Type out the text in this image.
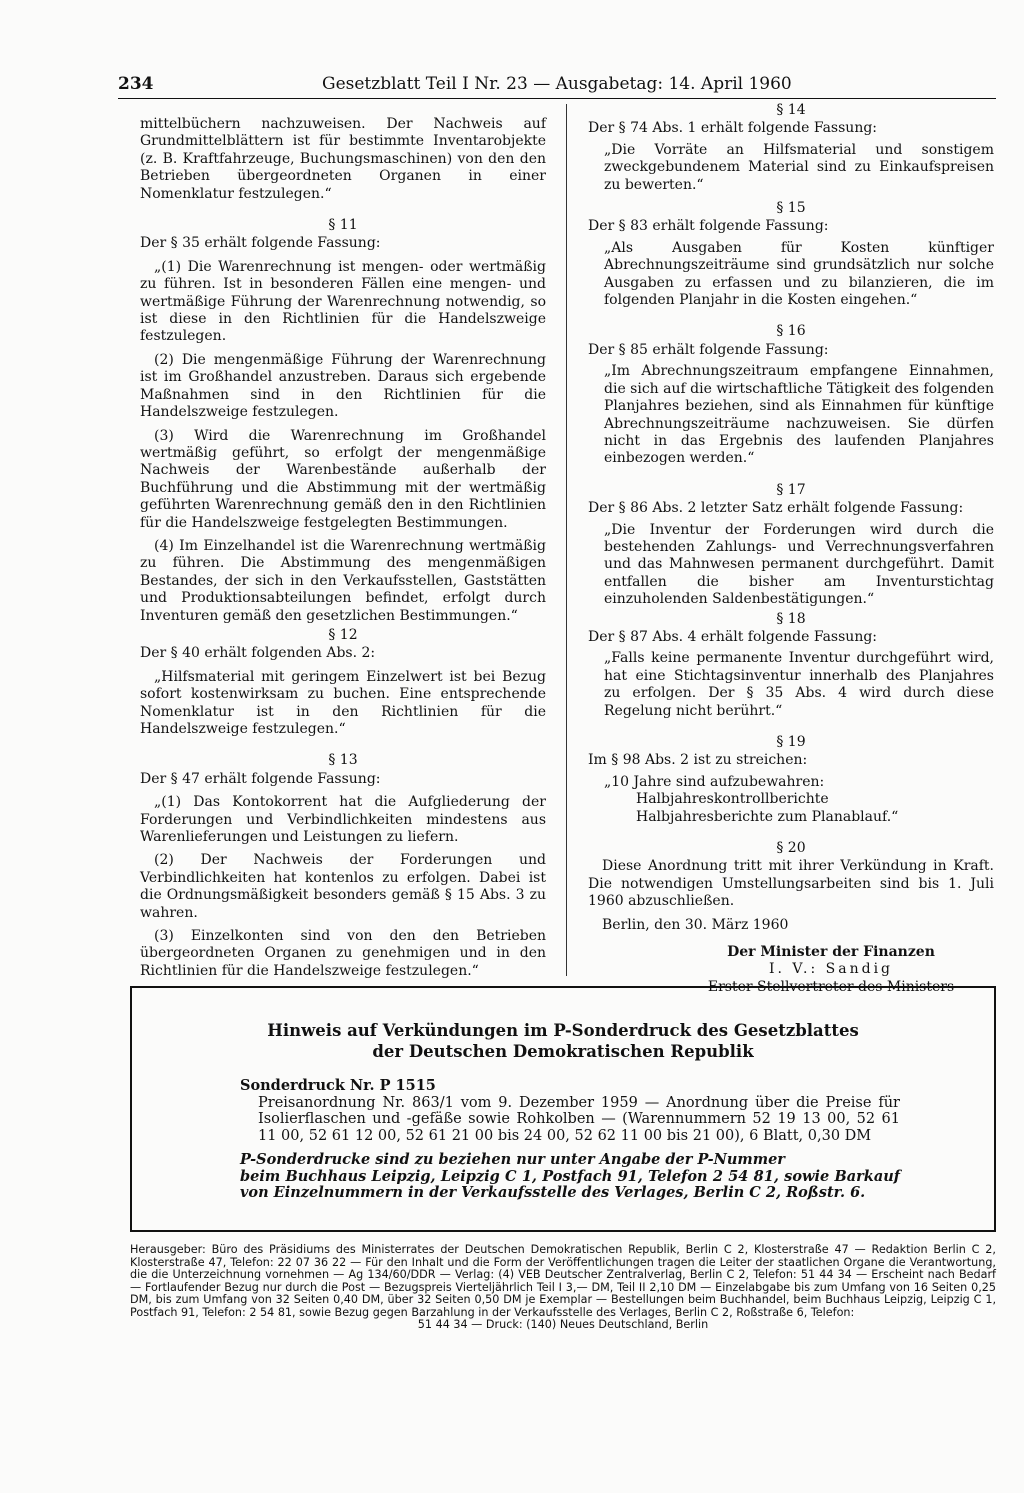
234	Gesetzblatt Teil I Nr. 23 — Ausgabetag: 14. April 1960

mittelbüchern nachzuweisen. Der Nachweis auf Grundmittelblättern ist für bestimmte Inventarobjekte (z. B. Kraftfahrzeuge, Buchungsmaschinen) von den den Betrieben übergeordneten Organen in einer Nomenklatur festzulegen.“

§ 11

Der § 35 erhält folgende Fassung:

„(1) Die Warenrechnung ist mengen- oder wertmäßig zu führen. Ist in besonderen Fällen eine mengen- und wertmäßige Führung der Warenrechnung notwendig, so ist diese in den Richtlinien für die Handelszweige festzulegen.

(2) Die mengenmäßige Führung der Warenrechnung ist im Großhandel anzustreben. Daraus sich ergebende Maßnahmen sind in den Richtlinien für die Handelszweige festzulegen.

(3) Wird die Warenrechnung im Großhandel wertmäßig geführt, so erfolgt der mengenmäßige Nachweis der Warenbestände außerhalb der Buchführung und die Abstimmung mit der wertmäßig geführten Warenrechnung gemäß den in den Richtlinien für die Handelszweige festgelegten Bestimmungen.

(4) Im Einzelhandel ist die Warenrechnung wertmäßig zu führen. Die Abstimmung des mengenmäßigen Bestandes, der sich in den Verkaufsstellen, Gaststätten und Produktionsabteilungen befindet, erfolgt durch Inventuren gemäß den gesetzlichen Bestimmungen.“

§ 12

Der § 40 erhält folgenden Abs. 2:

„Hilfsmaterial mit geringem Einzelwert ist bei Bezug sofort kostenwirksam zu buchen. Eine entsprechende Nomenklatur ist in den Richtlinien für die Handelszweige festzulegen.“

§ 13

Der § 47 erhält folgende Fassung:

„(1) Das Kontokorrent hat die Aufgliederung der Forderungen und Verbindlichkeiten mindestens aus Warenlieferungen und Leistungen zu liefern.

(2) Der Nachweis der Forderungen und Verbindlichkeiten hat kontenlos zu erfolgen. Dabei ist die Ordnungsmäßigkeit besonders gemäß § 15 Abs. 3 zu wahren.

(3) Einzelkonten sind von den den Betrieben übergeordneten Organen zu genehmigen und in den Richtlinien für die Handelszweige festzulegen.“

§ 14

Der § 74 Abs. 1 erhält folgende Fassung:

„Die Vorräte an Hilfsmaterial und sonstigem zweckgebundenem Material sind zu Einkaufspreisen zu bewerten.“

§ 15

Der § 83 erhält folgende Fassung:

„Als Ausgaben für Kosten künftiger Abrechnungszeiträume sind grundsätzlich nur solche Ausgaben zu erfassen und zu bilanzieren, die im folgenden Planjahr in die Kosten eingehen.“

§ 16

Der § 85 erhält folgende Fassung:

„Im Abrechnungszeitraum empfangene Einnahmen, die sich auf die wirtschaftliche Tätigkeit des folgenden Planjahres beziehen, sind als Einnahmen für künftige Abrechnungszeiträume nachzuweisen. Sie dürfen nicht in das Ergebnis des laufenden Planjahres einbezogen werden.“

§ 17

Der § 86 Abs. 2 letzter Satz erhält folgende Fassung:

„Die Inventur der Forderungen wird durch die bestehenden Zahlungs- und Verrechnungsverfahren und das Mahnwesen permanent durchgeführt. Damit entfallen die bisher am Inventurstichtag einzuholenden Saldenbestätigungen.“

§ 18

Der § 87 Abs. 4 erhält folgende Fassung:

„Falls keine permanente Inventur durchgeführt wird, hat eine Stichtagsinventur innerhalb des Planjahres zu erfolgen. Der § 35 Abs. 4 wird durch diese Regelung nicht berührt.“

§ 19

Im § 98 Abs. 2 ist zu streichen:

„10 Jahre sind aufzubewahren:

Halbjahreskontrollberichte

Halbjahresberichte zum Planablauf.“

§ 20

Diese Anordnung tritt mit ihrer Verkündung in Kraft. Die notwendigen Umstellungsarbeiten sind bis 1. Juli 1960 abzuschließen.

Berlin, den 30. März 1960

Der Minister der Finanzen

I. V.: Sandig

Erster Stellvertreter des Ministers

Hinweis auf Verkündungen im P-Sonderdruck des Gesetzblattes
der Deutschen Demokratischen Republik
Sonderdruck Nr. P 1515
Preisanordnung Nr. 863/1 vom 9. Dezember 1959 — Anordnung über die Preise für Isolierflaschen und -gefäße sowie Rohkolben — (Warennummern 52 19 13 00, 52 61 11 00, 52 61 12 00, 52 61 21 00 bis 24 00, 52 62 11 00 bis 21 00), 6 Blatt, 0,30 DM
P-Sonderdrucke sind zu beziehen nur unter Angabe der P-Nummer
beim Buchhaus Leipzig, Leipzig C 1, Postfach 91, Telefon 2 54 81, sowie Barkauf von Einzelnummern in der Verkaufsstelle des Verlages, Berlin C 2, Roßstr. 6.
Herausgeber: Büro des Präsidiums des Ministerrates der Deutschen Demokratischen Republik, Berlin C 2, Klosterstraße 47 — Redaktion Berlin C 2, Klosterstraße 47, Telefon: 22 07 36 22 — Für den Inhalt und die Form der Veröffentlichungen tragen die Leiter der staatlichen Organe die Verantwortung, die die Unterzeichnung vornehmen — Ag 134/60/DDR — Verlag: (4) VEB Deutscher Zentralverlag, Berlin C 2, Telefon: 51 44 34 — Erscheint nach Bedarf — Fortlaufender Bezug nur durch die Post — Bezugspreis Vierteljährlich Teil I 3,— DM, Teil II 2,10 DM — Einzelabgabe bis zum Umfang von 16 Seiten 0,25 DM, bis zum Umfang von 32 Seiten 0,40 DM, über 32 Seiten 0,50 DM je Exemplar — Bestellungen beim Buchhandel, beim Buchhaus Leipzig, Leipzig C 1, Postfach 91, Telefon: 2 54 81, sowie Bezug gegen Barzahlung in der Verkaufsstelle des Verlages, Berlin C 2, Roßstraße 6, Telefon:
51 44 34 — Druck: (140) Neues Deutschland, Berlin
